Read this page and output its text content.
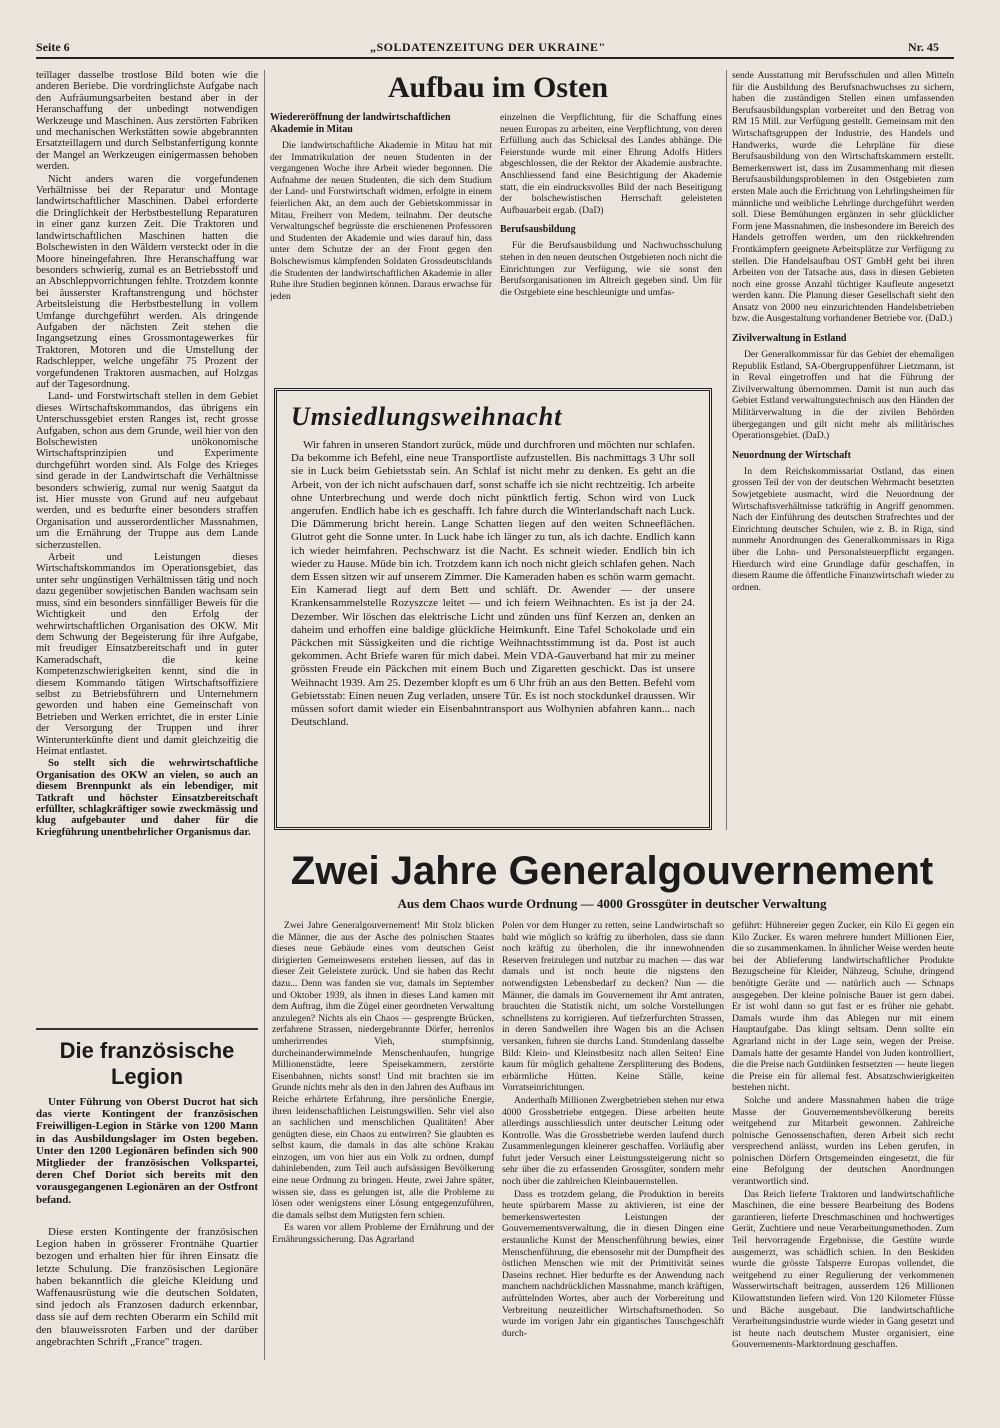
Seite 6	„SOLDATENZEITUNG DER UKRAINE"	Nr. 45

teillager dasselbe trostlose Bild boten wie die anderen Beriebe. Die vordringlichste Aufgabe nach den Aufräumungsarbeiten bestand aber in der Heranschaffung der unbedingt notwendigen Werkzeuge und Maschinen. Aus zerstörten Fabriken und mechanischen Werkstätten sowie abgebrannten Ersatzteillagern und durch Selbstanfertigung konnte der Mangel an Werkzeugen einigermassen behoben werden.

Nicht anders waren die vorgefundenen Verhältnisse bei der Reparatur und Montage landwirtschaftlicher Maschinen. Dabei erforderte die Dringlichkeit der Herbstbestellung Reparaturen in einer ganz kurzen Zeit. Die Traktoren und landwirtschaftlichen Maschinen hatten die Bolschewisten in den Wäldern versteckt oder in die Moore hineingefahren. Ihre Heranschaffung war besonders schwierig, zumal es an Betriebsstoff und an Abschleppvorrichtungen fehlte. Trotzdem konnte bei äusserster Kraftanstrengung und höchster Arbeitsleistung die Herbstbestellung in vollem Umfange durchgeführt werden. Als dringende Aufgaben der nächsten Zeit stehen die Ingangsetzung eines Grossmontagewerkes für Traktoren, Motoren und die Umstellung der Radschlepper, welche ungefähr 75 Prozent der vorgefundenen Traktoren ausmachen, auf Holzgas auf der Tagesordnung.

Land- und Forstwirtschaft stellen in dem Gebiet dieses Wirtschaftskommandos, das übrigens ein Unterschussgebiet ersten Ranges ist, recht grosse Aufgaben, schon aus dem Grunde, weil hier von den Bolschewisten unökonomische Wirtschaftsprinzipien und Experimente durchgeführt worden sind. Als Folge des Krieges sind gerade in der Landwirtschaft die Verhältnisse besonders schwierig, zumal nur wenig Saatgut da ist. Hier musste von Grund auf neu aufgebaut werden, und es bedurfte einer besonders straffen Organisation und ausserordentlicher Massnahmen, um die Ernährung der Truppe aus dem Lande sicherzustellen.

Arbeit und Leistungen dieses Wirtschaftskommandos im Operationsgebiet, das unter sehr ungünstigen Verhältnissen tätig und noch dazu gegenüber sowjetischen Banden wachsam sein muss, sind ein besonders sinnfälliger Beweis für die Wichtigkeit und den Erfolg der wehrwirtschaftlichen Organisation des OKW. Mit dem Schwung der Begeisterung für ihre Aufgabe, mit freudiger Einsatzbereitschaft und in guter Kameradschaft, die keine Kompetenzschwierigkeiten kennt, sind die in diesem Kommando tätigen Wirtschaftsoffiziere selbst zu Betriebsführern und Unternehmern geworden und haben eine Gemeinschaft von Betrieben und Werken errichtet, die in erster Linie der Versorgung der Truppen und ihrer Winterunterkünfte dient und damit gleichzeitig die Heimat entlastet.

So stellt sich die wehrwirtschaftliche Organisation des OKW an vielen, so auch an diesem Brennpunkt als ein lebendiger, mit Tatkraft und höchster Einsatzbereitschaft erfüllter, schlagkräftiger sowie zweckmässig und klug aufgebauter und daher für die Kriegführung unentbehrlicher Organismus dar.

Aufbau im Osten
Wiedereröffnung der landwirtschaftlichen Akademie in Mitau

Die landwirtschaftliche Akademie in Mitau hat mit der Immatrikulation der neuen Studenten in der vergangenen Woche ihre Arbeit wieder begonnen. Die Aufnahme der neuen Studenten, die sich dem Studium der Land- und Forstwirtschaft widmen, erfolgte in einem feierlichen Akt, an dem auch der Gebietskommissar in Mitau, Freiherr von Medem, teilnahm. Der deutsche Verwaltungschef begrüsste die erschienenen Professoren und Studenten der Akademie und wies darauf hin, dass unter dem Schutze der an der Front gegen den Bolschewismus kämpfenden Soldaten Grossdeutschlands die Studenten der landwirtschaftlichen Akademie in aller Ruhe ihre Studien beginnen können. Daraus erwachse für jeden

einzelnen die Verpflichtung, für die Schaffung eines neuen Europas zu arbeiten, eine Verpflichtung, von deren Erfüllung auch das Schicksal des Landes abhänge. Die Feierstunde wurde mit einer Ehrung Adolfs Hitlers abgeschlossen, die der Rektor der Akademie ausbrachte. Anschliessend fand eine Besichtigung der Akademie statt, die ein eindrucksvolles Bild der nach Beseitigung der bolschewistischen Herrschaft geleisteten Aufbauarbeit ergab. (DaD)

Berufsausbildung

Für die Berufsausbildung und Nachwuchsschulung stehen in den neuen deutschen Ostgebieten noch nicht die Einrichtungen zur Verfügung, wie sie sonst den Berufsorganisationen im Altreich gegeben sind. Um für die Ostgebiete eine beschleunigte und umfas-

sende Ausstattung mit Berufsschulen und allen Mitteln für die Ausbildung des Berufsnachwuchses zu sichern, haben die zuständigen Stellen einen umfassenden Berufsausbildungsplan vorbereitet und den Betrag von RM 15 Mill. zur Verfügung gestellt. Gemeinsam mit den Wirtschaftsgruppen der Industrie, des Handels und Handwerks, wurde die Lehrpläne für diese Berufsausbildung von den Wirtschaftskammern erstellt. Bemerkenswert ist, dass im Zusammenhang mit diesen Berufsausbildungsproblemen in den Ostgebieten zum ersten Male auch die Errichtung von Lehrlingsheimen für männliche und weibliche Lehrlinge durchgeführt werden soll. Diese Bemühungen ergänzen in sehr glücklicher Form jene Massnahmen, die insbesondere im Bereich des Handels getroffen werden, um den rückkehrenden Frontkämpfern geeignete Arbeitsplätze zur Verfügung zu stellen. Die Handelsaufbau OST GmbH geht bei ihren Arbeiten von der Tatsache aus, dass in diesen Gebieten noch eine grosse Anzahl tüchtiger Kaufleute angesetzt werden kann. Die Planung dieser Gesellschaft sieht den Ansatz von 2000 neu einzurichtenden Handelsbetrieben bzw. die Ausgestaltung vorhandener Betriebe vor. (DaD.)

Zivilverwaltung in Estland

Der Generalkommissar für das Gebiet der ehemaligen Republik Estland, SA-Obergruppenführer Lietzmann, ist in Reval eingetroffen und hat die Führung der Zivilverwaltung übernommen. Damit ist nun auch das Gebiet Estland verwaltungstechnisch aus den Händen der Militärverwaltung in die der zivilen Behörden übergegangen und gilt nicht mehr als militärisches Operationsgebiet. (DaD.)

Neuordnung der Wirtschaft

In dem Reichskommissariat Ostland, das einen grossen Teil der von der deutschen Wehrmacht besetzten Sowjetgebiete ausmacht, wird die Neuordnung der Wirtschaftsverhältnisse tatkräftig in Angriff genommen. Nach der Einführung des deutschen Strafrechtes und der Einrichtung deutscher Schulen, wie z. B. in Riga, sind nunmehr Anordnungen des Generalkommissars in Riga über die Lohn- und Personalsteuerpflicht ergangen. Hierdurch wird eine Grundlage dafür geschaffen, in diesem Raume die öffentliche Finanzwirtschaft wieder zu ordnen.

Umsiedlungsweihnacht

Wir fahren in unseren Standort zurück, müde und durchfroren und möchten nur schlafen. Da bekomme ich Befehl, eine neue Transportliste aufzustellen. Bis nachmittags 3 Uhr soll sie in Luck beim Gebietsstab sein. An Schlaf ist nicht mehr zu denken. Es geht an die Arbeit, von der ich nicht aufschauen darf, sonst schaffe ich sie nicht rechtzeitig. Ich arbeite ohne Unterbrechung und werde doch nicht pünktlich fertig. Schon wird von Luck angerufen. Endlich habe ich es geschafft. Ich fahre durch die Winterlandschaft nach Luck. Die Dämmerung bricht herein. Lange Schatten liegen auf den weiten Schneeflächen. Glutrot geht die Sonne unter. In Luck habe ich länger zu tun, als ich dachte. Endlich kann ich wieder heimfahren. Pechschwarz ist die Nacht. Es schneit wieder. Endlich bin ich wieder zu Hause. Müde bin ich. Trotzdem kann ich noch nicht gleich schlafen gehen. Nach dem Essen sitzen wir auf unserem Zimmer. Die Kameraden haben es schön warm gemacht. Ein Kamerad liegt auf dem Bett und schläft. Dr. Awender — der unsere Krankensammelstelle Rozyszcze leitet — und ich feiern Weihnachten. Es ist ja der 24. Dezember. Wir löschen das elektrische Licht und zünden uns fünf Kerzen an, denken an daheim und erhoffen eine baldige glückliche Heimkunft. Eine Tafel Schokolade und ein Päckchen mit Süssigkeiten und die richtige Weihnachtsstimmung ist da. Post ist auch gekommen. Acht Briefe waren für mich dabei. Mein VDA-Gauverband hat mir zu meiner grössten Freude ein Päckchen mit einem Buch und Zigaretten geschickt. Das ist unsere Weihnacht 1939. Am 25. Dezember klopft es um 6 Uhr früh an aus den Betten. Befehl vom Gebietsstab: Einen neuen Zug verladen, unsere Tür. Es ist noch stockdunkel draussen. Wir müssen sofort damit wieder ein Eisenbahntransport aus Wolhynien abfahren kann... nach Deutschland.

Zwei Jahre Generalgouvernement
Aus dem Chaos wurde Ordnung — 4000 Grossgüter in deutscher Verwaltung

Zwei Jahre Generalgouvernement! Mit Stolz blicken die Männer, die aus der Asche des polnischen Staates dieses neue Gebäude eines vom deutschen Geist dirigierten Gemeinwesens erstehen liessen, auf das in dieser Zeit Geleistete zurück. Und sie haben das Recht dazu... Denn was fanden sie vor, damals im September und Oktober 1939, als ihnen in dieses Land kamen mit dem Auftrag, ihm die Zügel einer geordneten Verwaltung anzulegen? Nichts als ein Chaos — gesprengte Brücken, zerfahrene Strassen, niedergebrannte Dörfer, herrenlos umherirrendes Vieh, stumpfsinnig, durcheinanderwimmelnde Menschenhaufen, hungrige Millionenstädte, leere Speisekammern, zerstörte Eisenbahnen, nichts sonst! Und mit brachten sie im Grunde nichts mehr als den in den Jahren des Aufbaus im Reiche erhärtete Erfahrung, ihre persönliche Energie, ihren leidenschaftlichen Leistungswillen. Sehr viel also an sachlichen und menschlichen Qualitäten! Aber genügten diese, ein Chaos zu entwirren? Sie glaubten es selbst kaum, die damals in das alte schöne Krakau einzogen, um von hier aus ein Volk zu ordnen, dumpf dahinlebenden, zum Teil auch aufsässigen Bevölkerung eine neue Ordnung zu bringen. Heute, zwei Jahre später, wissen sie, dass es gelungen ist, alle die Probleme zu lösen oder wenigstens einer Lösung entgegenzuführen, die damals selbst dem Mutigsten fern schien.

Es waren vor allem Probleme der Ernährung und der Ernährungssicherung. Das Agrarland

Polen vor dem Hunger zu retten, seine Landwirtschaft so bald wie möglich so kräftig zu überholen, dass sie dann noch kräftig zu überholen, die ihr innewohnenden Reserven freizulegen und nutzbar zu machen — das war damals und ist noch heute die nigstens den notwendigsten Lebensbedarf zu decken? Nun — die Männer, die damals im Gouvernement ihr Amt antraten, brauchten die Statistik nicht, um solche Vorstellungen schnellstens zu korrigieren. Auf tiefzerfurchten Strassen, in deren Sandwellen ihre Wagen bis an die Achsen versanken, fuhren sie durchs Land. Stundenlang dasselbe Bild: Klein- und Kleinstbesitz nach allen Seiten! Eine kaum für möglich gehaltene Zersplitterung des Bodens, erbärmliche Hütten. Keine Ställe, keine Vorratseinrichtungen.

Anderthalb Millionen Zwergbetrieben stehen nur etwa 4000 Grossbetriebe entgegen. Diese arbeiten heute allerdings ausschliesslich unter deutscher Leitung oder Kontrolle. Was die Grossbetriebe werden laufend durch Zusammenlegungen kleinerer geschaffen. Vorläufig aber fuhrt jeder Versuch einer Leistungssteigerung nicht so sehr über die zu erfassenden Grossgüter, sondern mehr noch über die zahlreichen Kleinbauernstellen.

Dass es trotzdem gelang, die Produktion in bereits heute spürbarem Masse zu aktivieren, ist eine der bemerkenswertesten Leistungen der Gouvernementsverwaltung, die in diesen Dingen eine erstaunliche Kunst der Menschenführung bewies, einer Menschenführung, die ebensosehr mit der Dumpfheit des östlichen Menschen wie mit der Primitivität seines Daseins rechnet. Hier bedurfte es der Anwendung nach manchem nachdrücklichen Massnahme, manch kräftigen, aufrüttelnden Wortes, aber auch der Vorbereitung und Verbreitung neuzeitlicher Wirtschaftsmethoden. So wurde im vorigen Jahr ein gigantisches Tauschgeschäft durch-

geführt: Hühnereier gegen Zucker, ein Kilo Ei gegen ein Kilo Zucker. Es waren mehrere hundert Millionen Eier, die so zusammenkamen. In ähnlicher Weise werden heute bei der Ablieferung landwirtschaftlicher Produkte Bezugscheine für Kleider, Nähzeug, Schuhe, dringend benötigte Geräte und — natürlich auch — Schnaps ausgegeben. Der kleine polnische Bauer ist gern dabei. Er ist wohl dann so gut fast er es früher nie gehabt. Damals wurde ihm das Ablegen nur mit einem Hauptaufgabe. Das klingt seltsam. Denn sollte ein Agrarland nicht in der Lage sein, wegen der Preise. Damals hatte der gesamte Handel von Juden kontrolliert, die die Preise nach Gutdünken festsetzten — heute liegen die Preise ein für allemal fest. Absatzschwierigkeiten bestehen nicht.

Solche und andere Massnahmen haben die träge Masse der Gouvernementsbevölkerung bereits weitgehend zur Mitarbeit gewonnen. Zahlreiche polnische Genossenschaften, deren Arbeit sich recht versprechend anlässt, wurden ins Leben gerufen, in polnischen Dörfern Ortsgemeinden eingesetzt, die für eine Befolgung der deutschen Anordnungen verantwortlich sind.

Das Reich lieferte Traktoren und landwirtschaftliche Maschinen, die eine bessere Bearbeitung des Bodens garantieren, lieferte Dreschmaschinen und hochwertiges Gerät, Zuchtiere und neue Verarbeitungsmethoden. Zum Teil hervorragende Ergebnisse, die Gestüte wurde ausgemerzt, was schädlich schien. In den Beskiden wurde die grösste Talsperre Europas vollendet, die weitgehend zu einer Regulierung der verkommenen Wasserwirtschaft beitragen, ausserdem 126 Millionen Kilowattstunden liefern wird. Von 120 Kilometer Flüsse und Bäche ausgebaut. Die landwirtschaftliche Verarbeitungsindustrie wurde wieder in Gang gesetzt und ist heute nach deutschem Muster organisiert, eine Gouvernements-Marktordnung geschaffen.

Die französische
Legion

Unter Führung von Oberst Ducrot hat sich das vierte Kontingent der französischen Freiwilligen-Legion in Stärke von 1200 Mann in das Ausbildungslager im Osten begeben. Unter den 1200 Legionären befinden sich 900 Mitglieder der französischen Volkspartei, deren Chef Doriot sich bereits mit den vorausgegangenen Legionären an der Ostfront befand.

Diese ersten Kontingente der französischen Legion haben in grösserer Frontnähe Quartier bezogen und erhalten hier für ihren Einsatz die letzte Schulung. Die französischen Legionäre haben bekanntlich die gleiche Kleidung und Waffenausrüstung wie die deutschen Soldaten, sind jedoch als Franzosen dadurch erkennbar, dass sie auf dem rechten Oberarm ein Schild mit den blauweissroten Farben und der darüber angebrachten Schrift „France" tragen.
